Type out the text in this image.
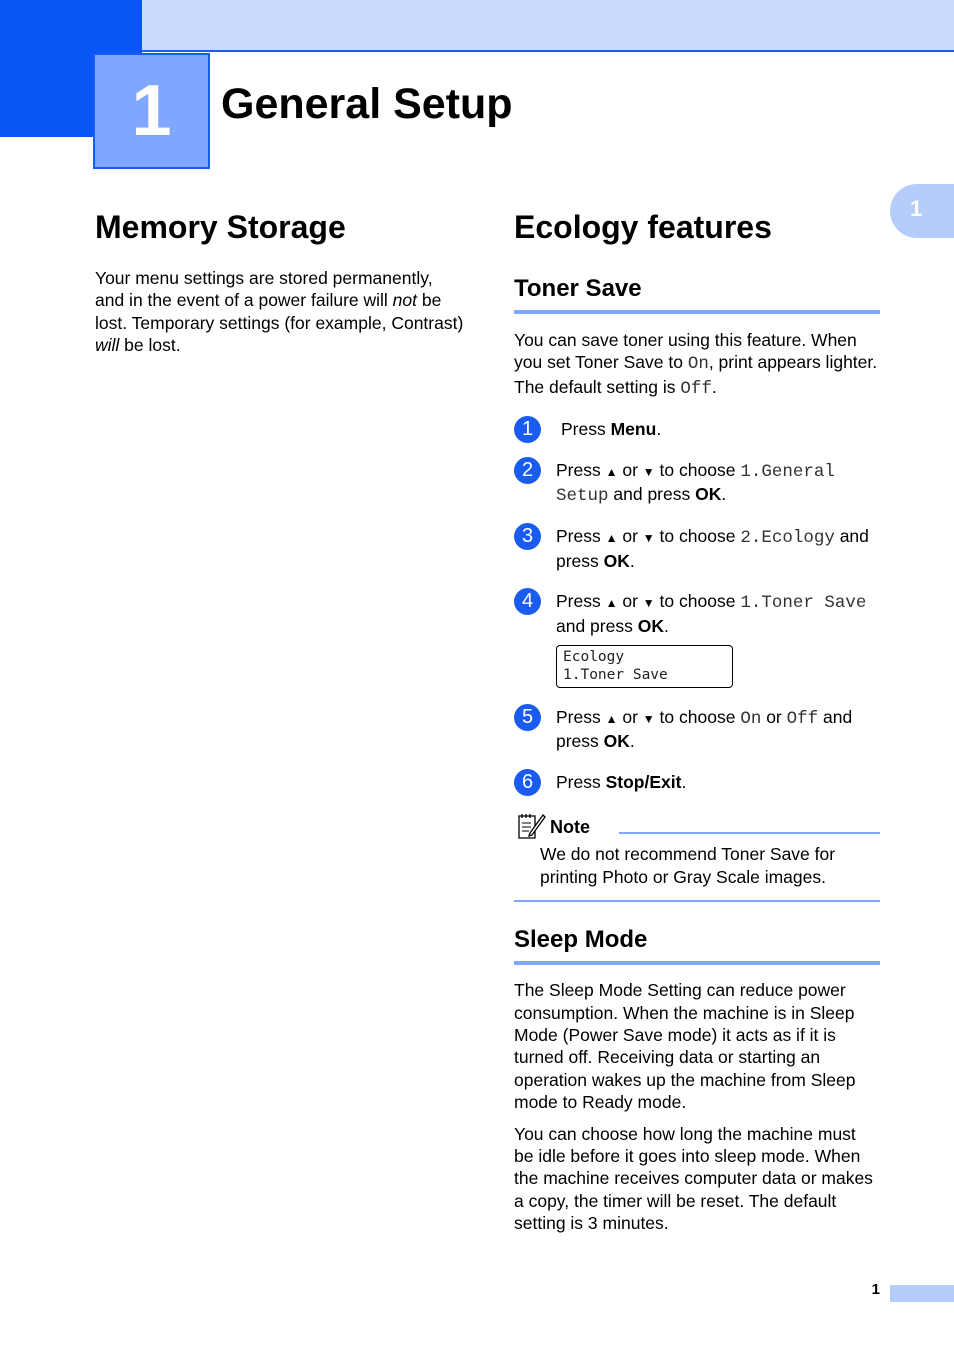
1	General Setup
1
Memory Storage

Your menu settings are stored permanently, and in the event of a power failure will not be lost. Temporary settings (for example, Contrast) will be lost.

Ecology features
Toner Save

You can save toner using this feature. When you set Toner Save to On, print appears lighter. The default setting is Off.

1	Press Menu.

2	Press ▲ or ▼ to choose 1.General Setup and press OK.

3	Press ▲ or ▼ to choose 2.Ecology and press OK.

4	Press ▲ or ▼ to choose 1.Toner Save and press OK.

Ecology
1.Toner Save
5	Press ▲ or ▼ to choose On or Off and press OK.

6	Press Stop/Exit.

Note

We do not recommend Toner Save for printing Photo or Gray Scale images.

Sleep Mode

The Sleep Mode Setting can reduce power consumption. When the machine is in Sleep Mode (Power Save mode) it acts as if it is turned off. Receiving data or starting an operation wakes up the machine from Sleep mode to Ready mode.

You can choose how long the machine must be idle before it goes into sleep mode. When the machine receives computer data or makes a copy, the timer will be reset. The default setting is 3 minutes.

1
